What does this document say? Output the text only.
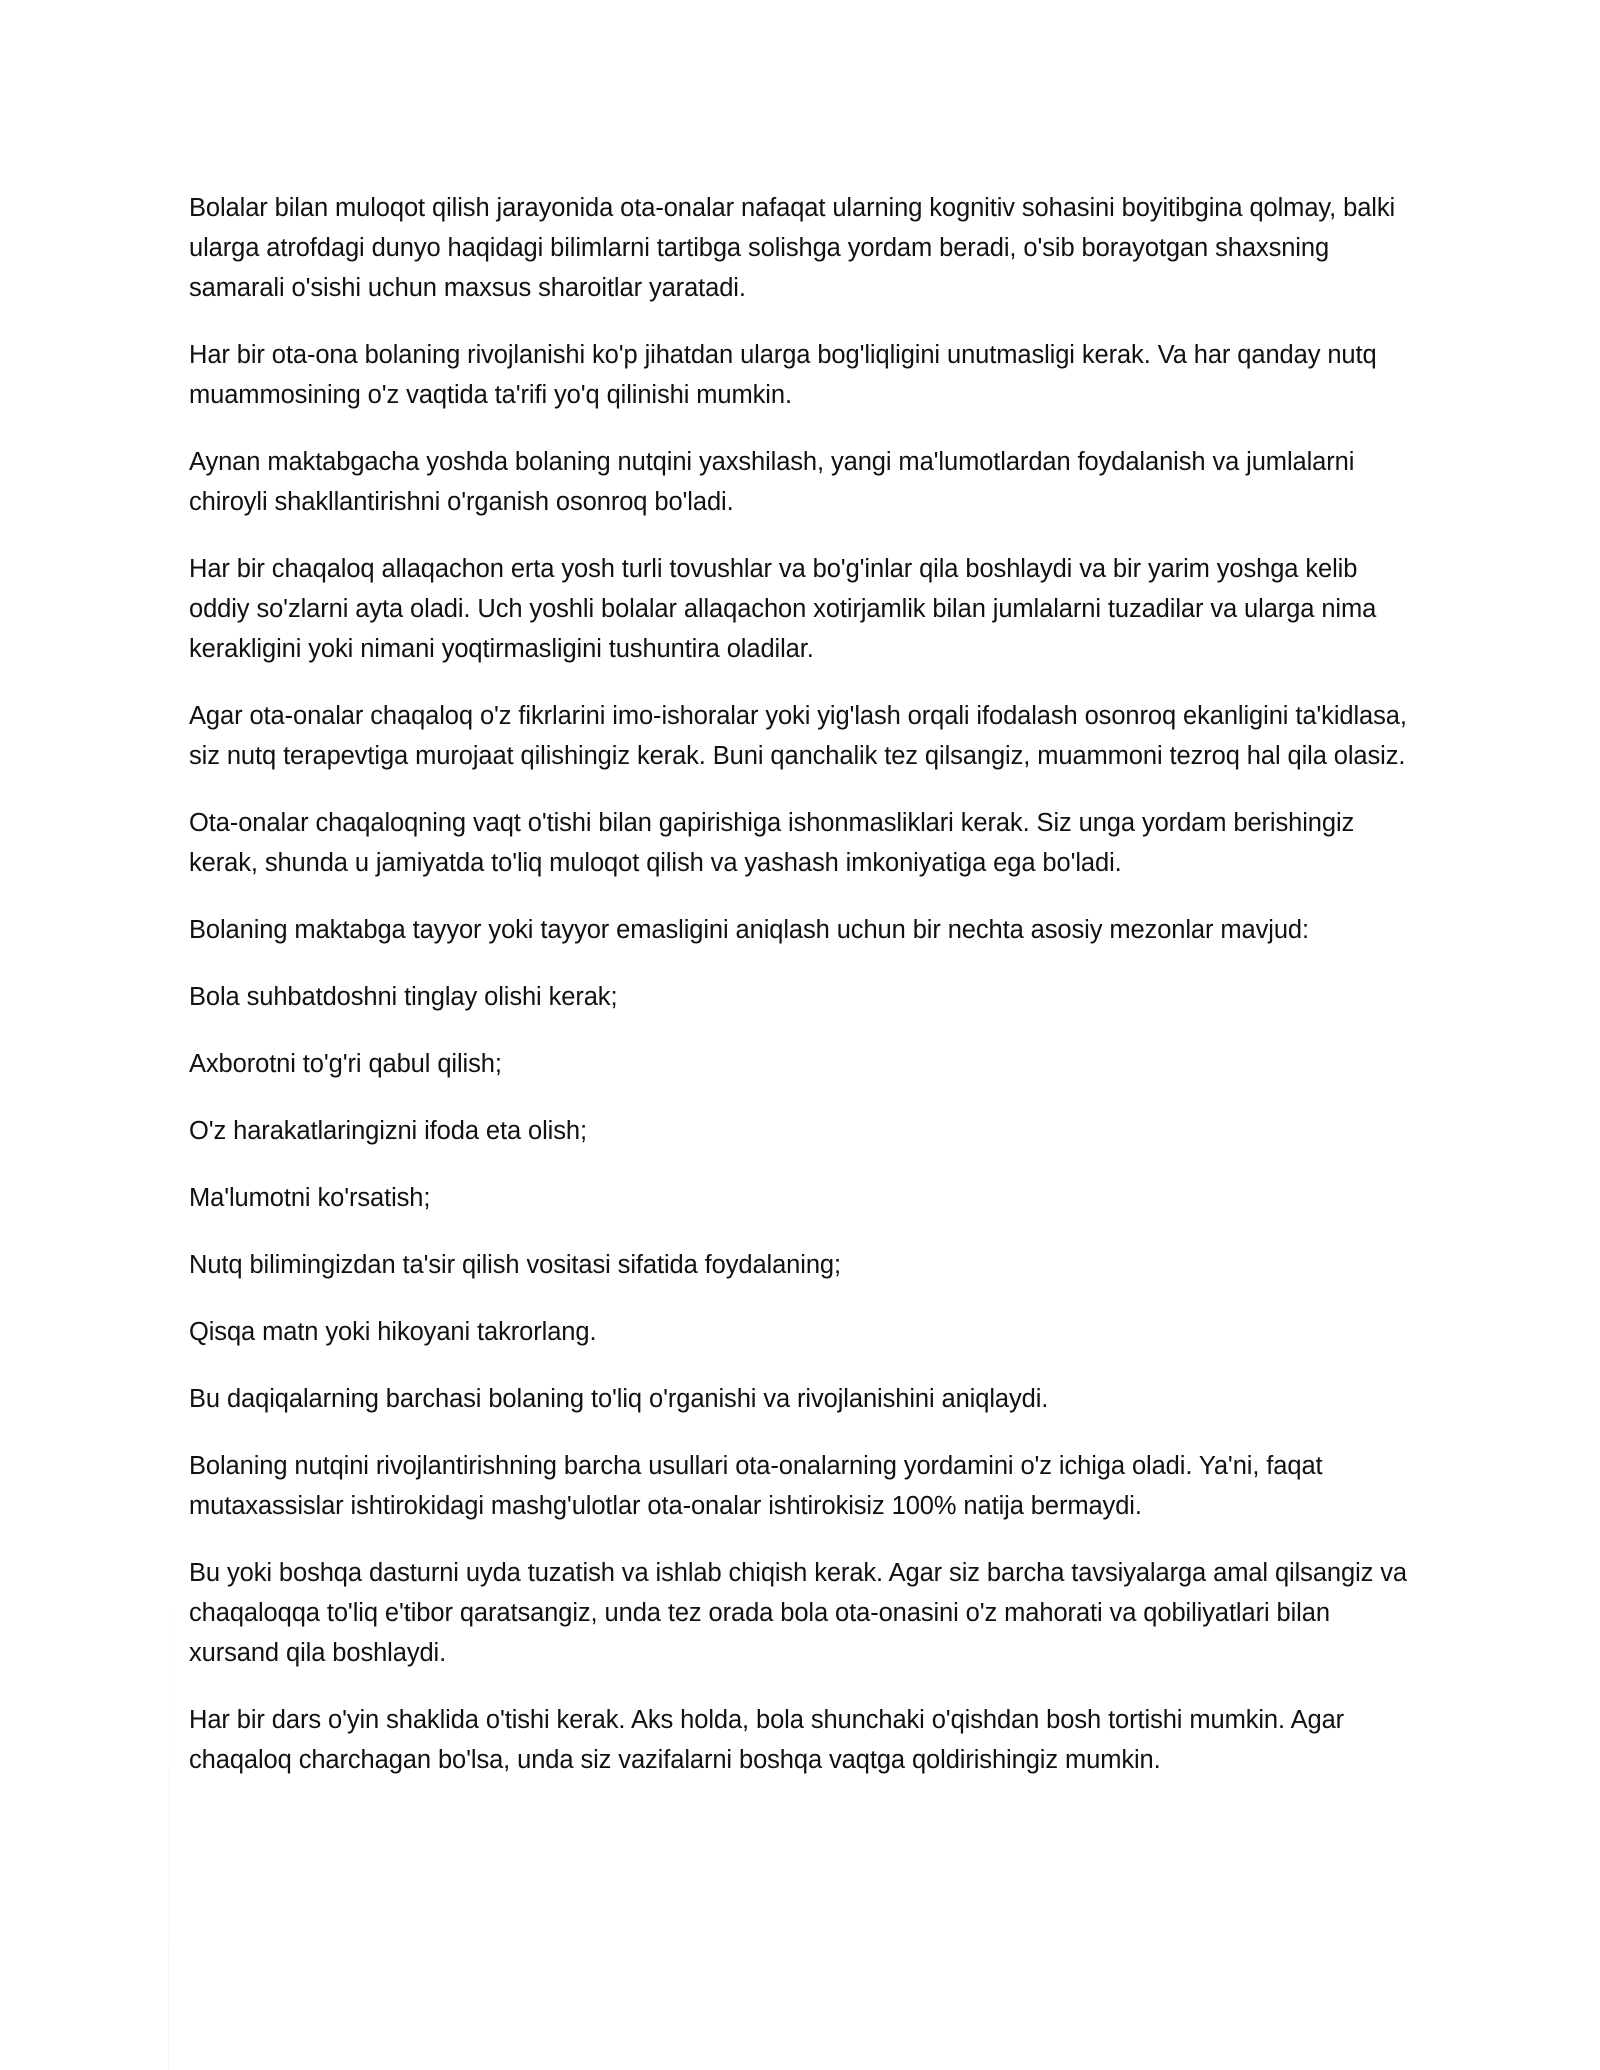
Bolalar bilan muloqot qilish jarayonida ota-onalar nafaqat ularning kognitiv sohasini boyitibgina qolmay, balki ularga atrofdagi dunyo haqidagi bilimlarni tartibga solishga yordam beradi, o'sib borayotgan shaxsning samarali o'sishi uchun maxsus sharoitlar yaratadi.

Har bir ota-ona bolaning rivojlanishi ko'p jihatdan ularga bog'liqligini unutmasligi kerak. Va har qanday nutq muammosining o'z vaqtida ta'rifi yo'q qilinishi mumkin.

Aynan maktabgacha yoshda bolaning nutqini yaxshilash, yangi ma'lumotlardan foydalanish va jumlalarni chiroyli shakllantirishni o'rganish osonroq bo'ladi.

Har bir chaqaloq allaqachon erta yosh turli tovushlar va bo'g'inlar qila boshlaydi va bir yarim yoshga kelib oddiy so'zlarni ayta oladi. Uch yoshli bolalar allaqachon xotirjamlik bilan jumlalarni tuzadilar va ularga nima kerakligini yoki nimani yoqtirmasligini tushuntira oladilar.

Agar ota-onalar chaqaloq o'z fikrlarini imo-ishoralar yoki yig'lash orqali ifodalash osonroq ekanligini ta'kidlasa, siz nutq terapevtiga murojaat qilishingiz kerak. Buni qanchalik tez qilsangiz, muammoni tezroq hal qila olasiz.

Ota-onalar chaqaloqning vaqt o'tishi bilan gapirishiga ishonmasliklari kerak. Siz unga yordam berishingiz kerak, shunda u jamiyatda to'liq muloqot qilish va yashash imkoniyatiga ega bo'ladi.

Bolaning maktabga tayyor yoki tayyor emasligini aniqlash uchun bir nechta asosiy mezonlar mavjud:

Bola suhbatdoshni tinglay olishi kerak;

Axborotni to'g'ri qabul qilish;

O'z harakatlaringizni ifoda eta olish;

Ma'lumotni ko'rsatish;

Nutq bilimingizdan ta'sir qilish vositasi sifatida foydalaning;

Qisqa matn yoki hikoyani takrorlang.

Bu daqiqalarning barchasi bolaning to'liq o'rganishi va rivojlanishini aniqlaydi.

Bolaning nutqini rivojlantirishning barcha usullari ota-onalarning yordamini o'z ichiga oladi. Ya'ni, faqat mutaxassislar ishtirokidagi mashg'ulotlar ota-onalar ishtirokisiz 100% natija bermaydi.

Bu yoki boshqa dasturni uyda tuzatish va ishlab chiqish kerak. Agar siz barcha tavsiyalarga amal qilsangiz va chaqaloqqa to'liq e'tibor qaratsangiz, unda tez orada bola ota-onasini o'z mahorati va qobiliyatlari bilan xursand qila boshlaydi.

Har bir dars o'yin shaklida o'tishi kerak. Aks holda, bola shunchaki o'qishdan bosh tortishi mumkin. Agar chaqaloq charchagan bo'lsa, unda siz vazifalarni boshqa vaqtga qoldirishingiz mumkin.
